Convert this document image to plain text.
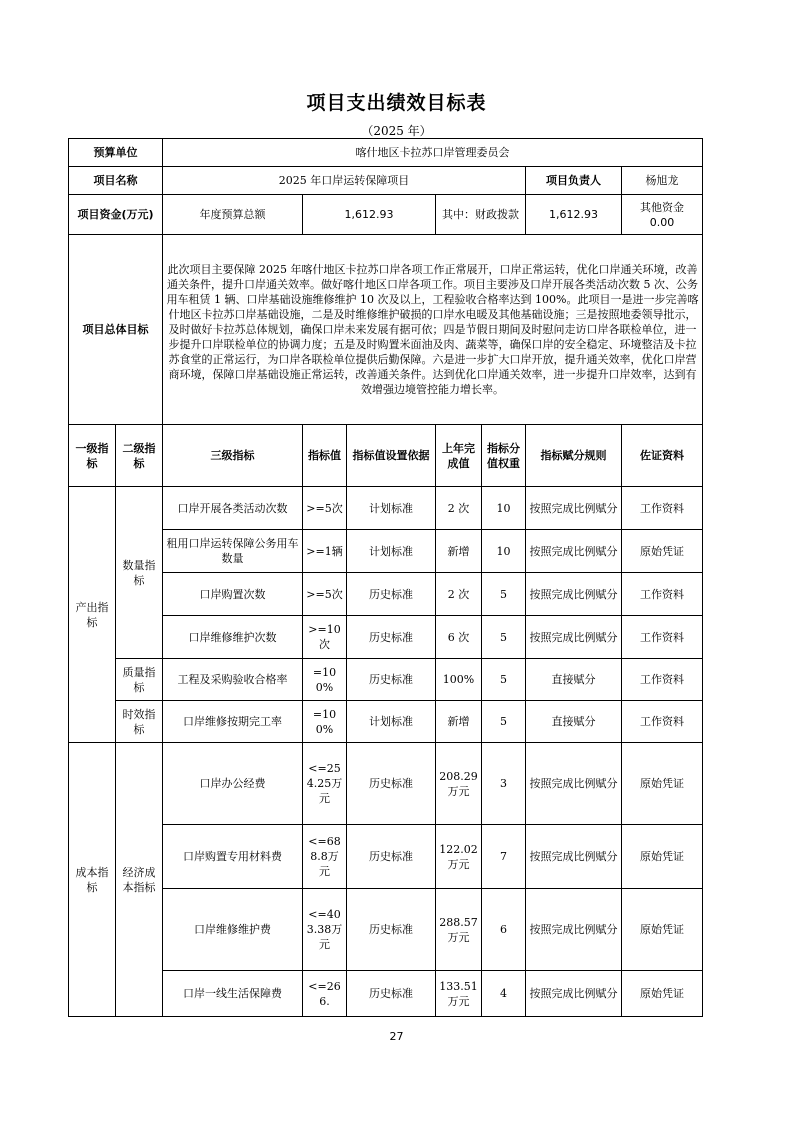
项目支出绩效目标表
（2025 年）
预算单位		喀什地区卡拉苏口岸管理委员会						
项目名称		2025 年口岸运转保障项目					项目负责人	杨旭龙
项目资金(万元)		年度预算总额	1,612.93		其中：财政拨款		1,612.93	其他资金
0.00
项目总体目标		此次项目主要保障 2025 年喀什地区卡拉苏口岸各项工作正常展开，口岸正常运转，优化口岸通关环境，改善通关条件，提升口岸通关效率。做好喀什地区口岸各项工作。项目主要涉及口岸开展各类活动次数 5 次、公务用车租赁 1 辆、口岸基础设施维修维护 10 次及以上，工程验收合格率达到 100%。此项目一是进一步完善喀什地区卡拉苏口岸基础设施，二是及时维修维护破损的口岸水电暖及其他基础设施；三是按照地委领导批示，及时做好卡拉苏总体规划，确保口岸未来发展有据可依；四是节假日期间及时慰问走访口岸各联检单位，进一步提升口岸联检单位的协调力度；五是及时购置米面油及肉、蔬菜等，确保口岸的安全稳定、环境整洁及卡拉苏食堂的正常运行，为口岸各联检单位提供后勤保障。六是进一步扩大口岸开放，提升通关效率，优化口岸营商环境，保障口岸基础设施正常运转，改善通关条件。达到优化口岸通关效率，进一步提升口岸效率，达到有效增强边境管控能力增长率。						
一级指标	二级指标	三级指标	指标值	指标值设置依据	上年完成值	指标分值权重	指标赋分规则	佐证资料
产出指标	数量指标	口岸开展各类活动次数	>=5次	计划标准	2 次	10	按照完成比例赋分	工作资料
		租用口岸运转保障公务用车数量	>=1辆	计划标准	新增	10	按照完成比例赋分	原始凭证
		口岸购置次数	>=5次	历史标准	2 次	5	按照完成比例赋分	工作资料
		口岸维修维护次数	>=10次	历史标准	6 次	5	按照完成比例赋分	工作资料
	质量指标	工程及采购验收合格率	=100%	历史标准	100%	5	直接赋分	工作资料
	时效指标	口岸维修按期完工率	=100%	计划标准	新增	5	直接赋分	工作资料
成本指标	经济成本指标	口岸办公经费	<=254.25万元	历史标准	208.29万元	3	按照完成比例赋分	原始凭证
		口岸购置专用材料费	<=688.8万元	历史标准	122.02万元	7	按照完成比例赋分	原始凭证
		口岸维修维护费	<=403.38万元	历史标准	288.57万元	6	按照完成比例赋分	原始凭证
		口岸一线生活保障费	<=266.	历史标准	133.51万元	4	按照完成比例赋分	原始凭证
27
